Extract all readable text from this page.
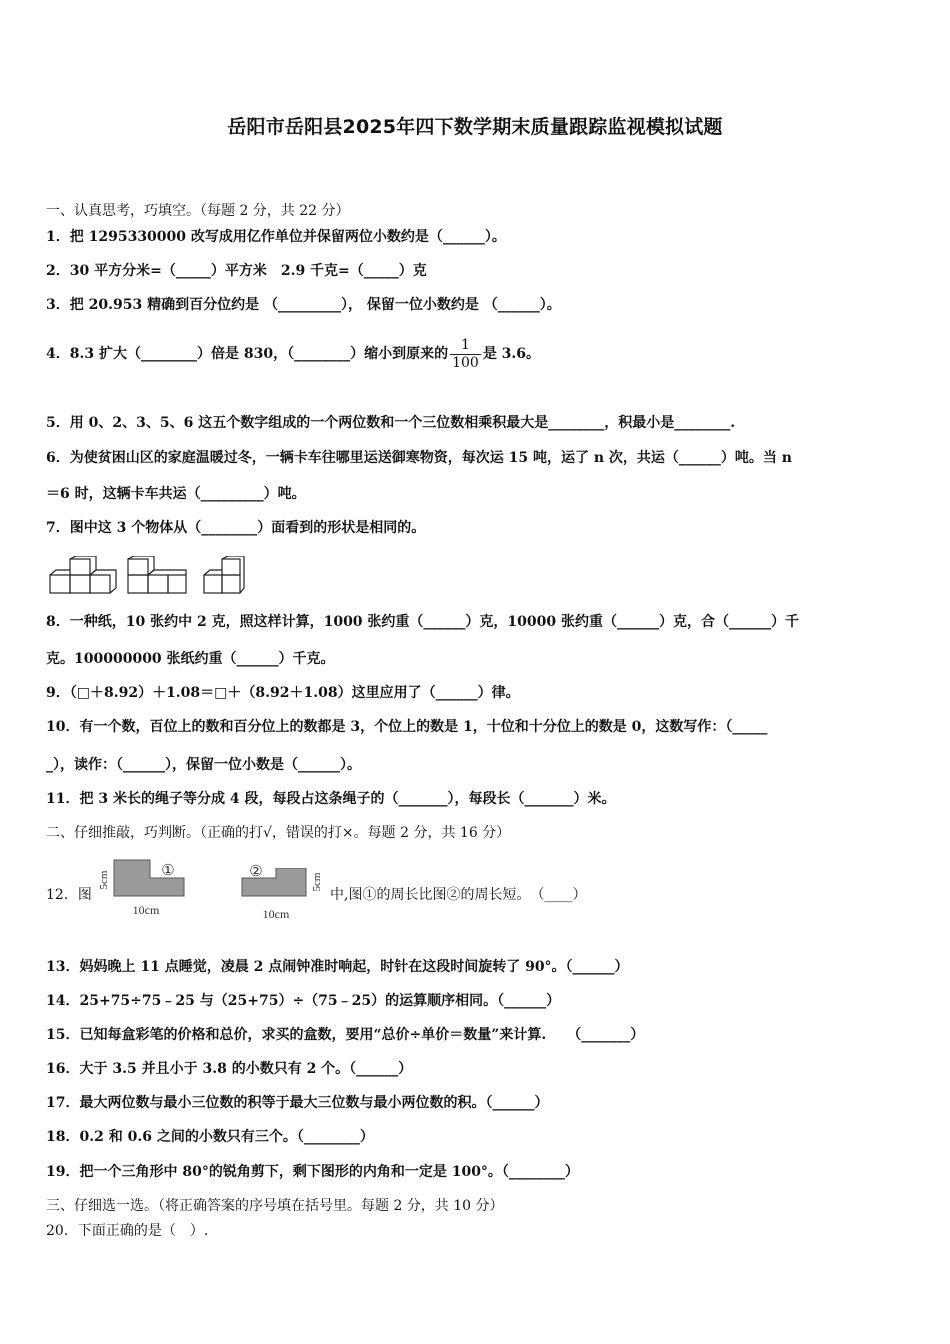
岳阳市岳阳县2025年四下数学期末质量跟踪监视模拟试题
一、认真思考，巧填空。（每题 2 分，共 22 分）
1．把 1295330000 改写成用亿作单位并保留两位小数约是（______）。
2．30 平方分米=（_____）平方米　2.9 千克=（_____）克
3．把 20.953 精确到百分位约是 （_________）， 保留一位小数约是 （______）。
4．8.3 扩大（________）倍是 830，（________）缩小到原来的 $\frac{1}{100}$ 是 3.6。
5．用 0、2、3、5、6 这五个数字组成的一个两位数和一个三位数相乘积最大是________，积最小是________.
6．为使贫困山区的家庭温暖过冬，一辆卡车往哪里运送御寒物资，每次运 15 吨，运了 n 次，共运（______）吨。当 n
＝6 时，这辆卡车共运（_________）吨。
7．图中这 3 个物体从（________）面看到的形状是相同的。
8．一种纸，10 张约中 2 克，照这样计算，1000 张约重（______）克，10000 张约重（______）克，合（______）千
克。100000000 张纸约重（______）千克。
9．（□＋8.92）＋1.08＝□＋（8.92＋1.08）这里应用了（______）律。
10．有一个数，百位上的数和百分位上的数都是 3，个位上的数是 1，十位和十分位上的数是 0，这数写作：（_____
_），读作：（______），保留一位小数是（______）。
11．把 3 米长的绳子等分成 4 段，每段占这条绳子的（_______），每段长（_______）米。
二、仔细推敲，巧判断。（正确的打√，错误的打×。每题 2 分，共 16 分）
12．图
①
5cm
10cm
②
5cm
10cm
中,图①的周长比图②的周长短。　（____）
13．妈妈晚上 11 点睡觉，凌晨 2 点闹钟准时响起，时针在这段时间旋转了 90°。（______）
14．25+75÷75﹣25 与（25+75）÷（75﹣25）的运算顺序相同。（______）
15．已知每盒彩笔的价格和总价，求买的盒数，要用“总价÷单价＝数量”来计算.　　（_______）
16．大于 3.5 并且小于 3.8 的小数只有 2 个。（______）
17．最大两位数与最小三位数的积等于最大三位数与最小两位数的积。（______）
18．0.2 和 0.6 之间的小数只有三个。（________）
19．把一个三角形中 80°的锐角剪下，剩下图形的内角和一定是 100°。（________）
三、仔细选一选。（将正确答案的序号填在括号里。每题 2 分，共 10 分）
20．下面正确的是（　）.
